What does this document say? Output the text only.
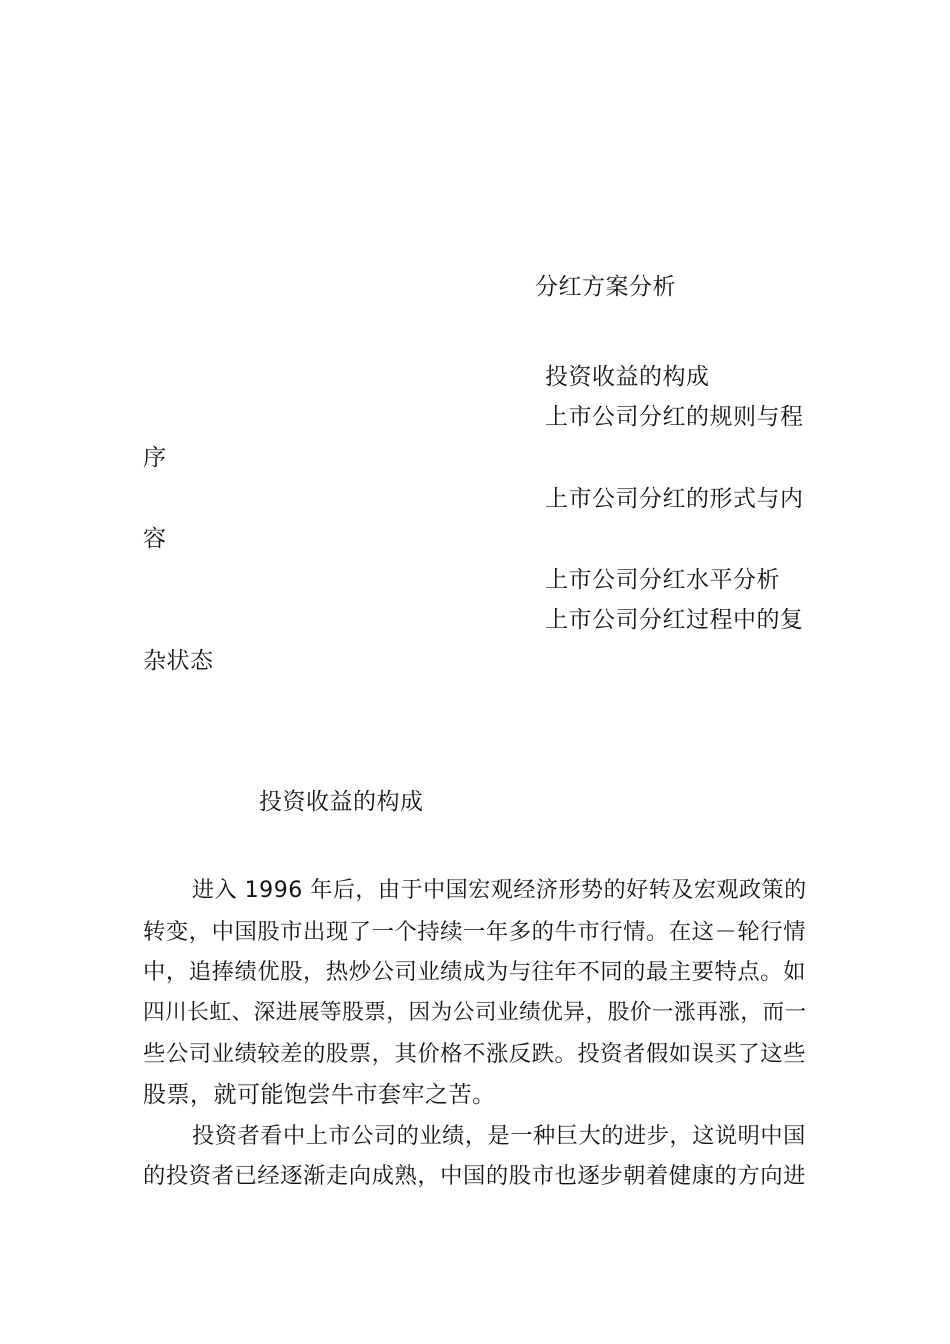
分红方案分析
投资收益的构成
上市公司分红的规则与程
序
上市公司分红的形式与内
容
上市公司分红水平分析
上市公司分红过程中的复
杂状态
投资收益的构成
进入 1996 年后，由于中国宏观经济形势的好转及宏观政策的
转变，中国股市出现了一个持续一年多的牛市行情。在这－轮行情
中，追捧绩优股，热炒公司业绩成为与往年不同的最主要特点。如
四川长虹、深进展等股票，因为公司业绩优异，股价一涨再涨，而一
些公司业绩较差的股票，其价格不涨反跌。投资者假如误买了这些
股票，就可能饱尝牛市套牢之苦。
投资者看中上市公司的业绩，是一种巨大的进步，这说明中国
的投资者已经逐渐走向成熟，中国的股市也逐步朝着健康的方向进
